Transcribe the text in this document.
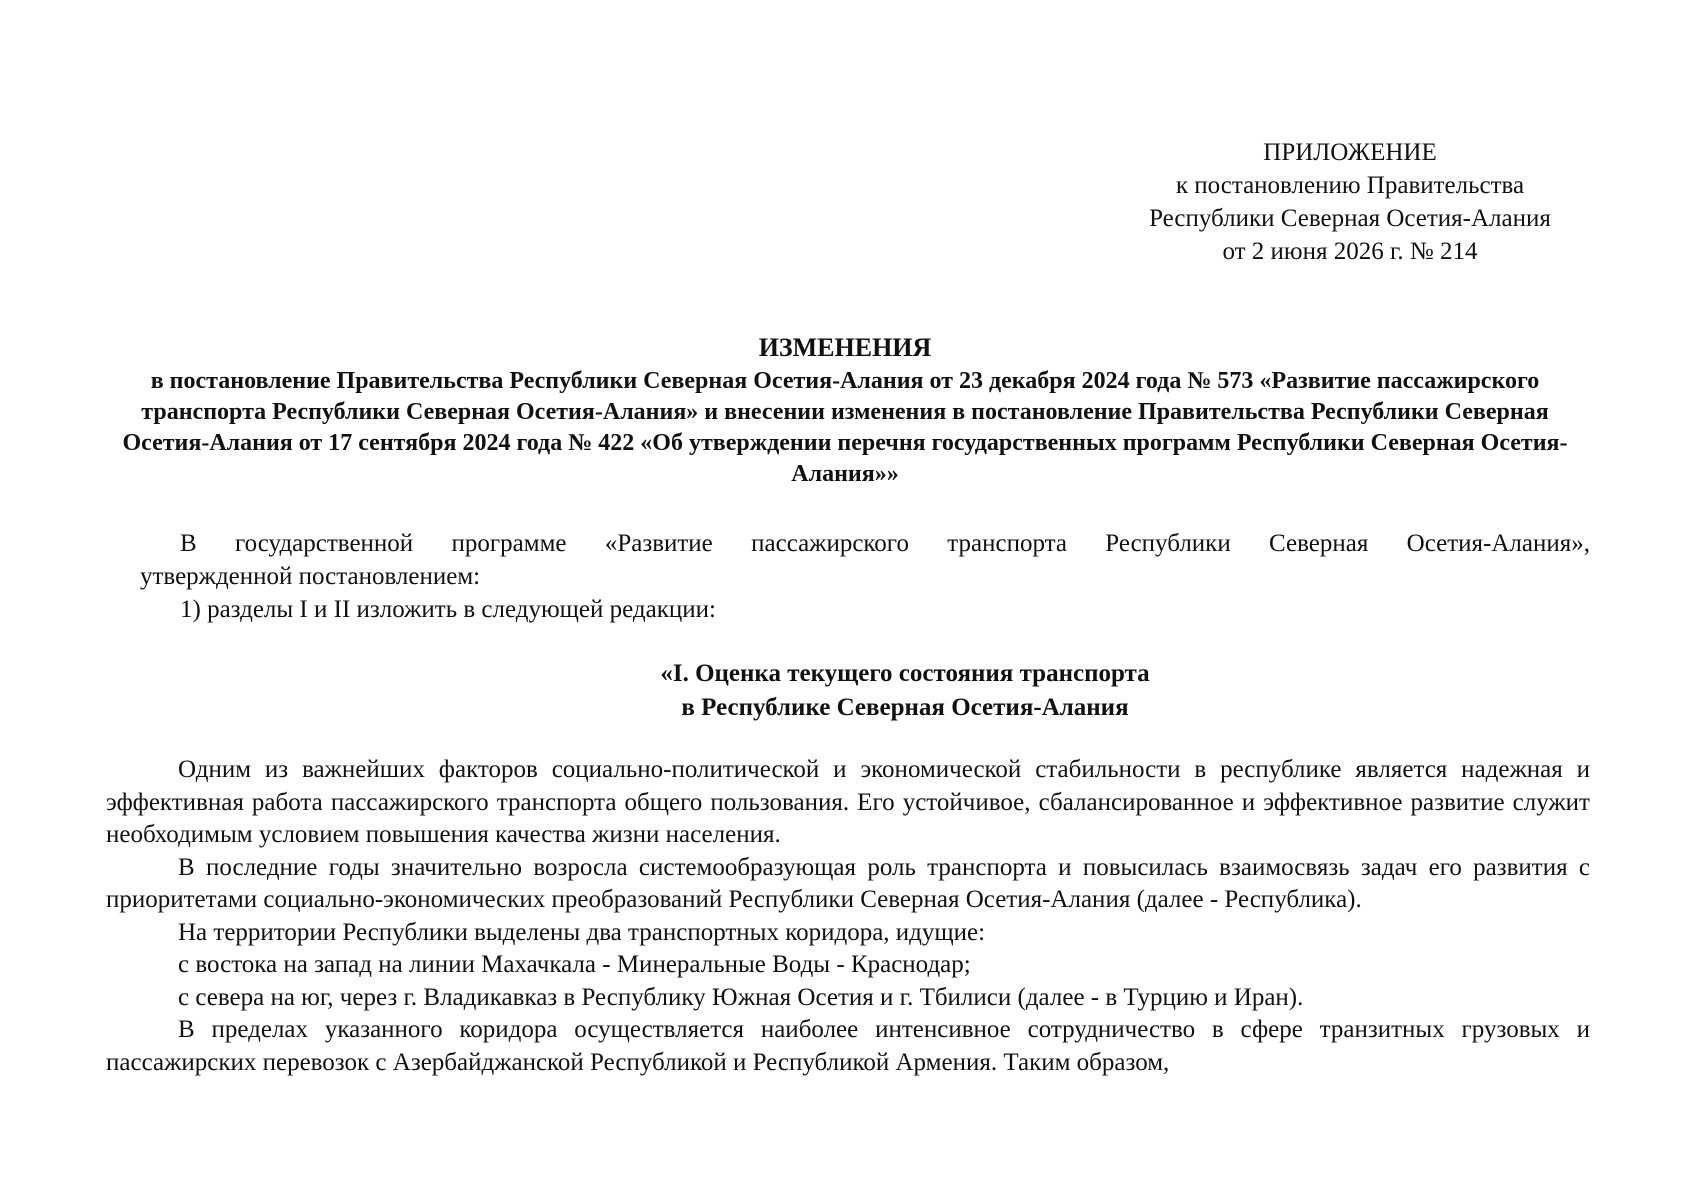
ПРИЛОЖЕНИЕ
к постановлению Правительства
Республики Северная Осетия-Алания
от 2 июня 2026 г. № 214
ИЗМЕНЕНИЯ
в постановление Правительства Республики Северная Осетия-Алания от 23 декабря 2024 года № 573 «Развитие пассажирского транспорта Республики Северная Осетия-Алания» и внесении изменения в постановление Правительства Республики Северная Осетия-Алания от 17 сентября 2024 года № 422 «Об утверждении перечня государственных программ Республики Северная Осетия-Алания»»

В государственной программе «Развитие пассажирского транспорта Республики Северная Осетия-Алания»,

утвержденной постановлением:

1) разделы I и II изложить в следующей редакции:

«I. Оценка текущего состояния транспорта
в Республике Северная Осетия-Алания

Одним из важнейших факторов социально-политической и экономической стабильности в республике является надежная и эффективная работа пассажирского транспорта общего пользования. Его устойчивое, сбалансированное и эффективное развитие служит необходимым условием повышения качества жизни населения.

В последние годы значительно возросла системообразующая роль транспорта и повысилась взаимосвязь задач его развития с приоритетами социально-экономических преобразований Республики Северная Осетия-Алания (далее - Республика).

На территории Республики выделены два транспортных коридора, идущие:

с востока на запад на линии Махачкала - Минеральные Воды - Краснодар;

с севера на юг, через г. Владикавказ в Республику Южная Осетия и г. Тбилиси (далее - в Турцию и Иран).

В пределах указанного коридора осуществляется наиболее интенсивное сотрудничество в сфере транзитных грузовых и пассажирских перевозок с Азербайджанской Республикой и Республикой Армения. Таким образом,
